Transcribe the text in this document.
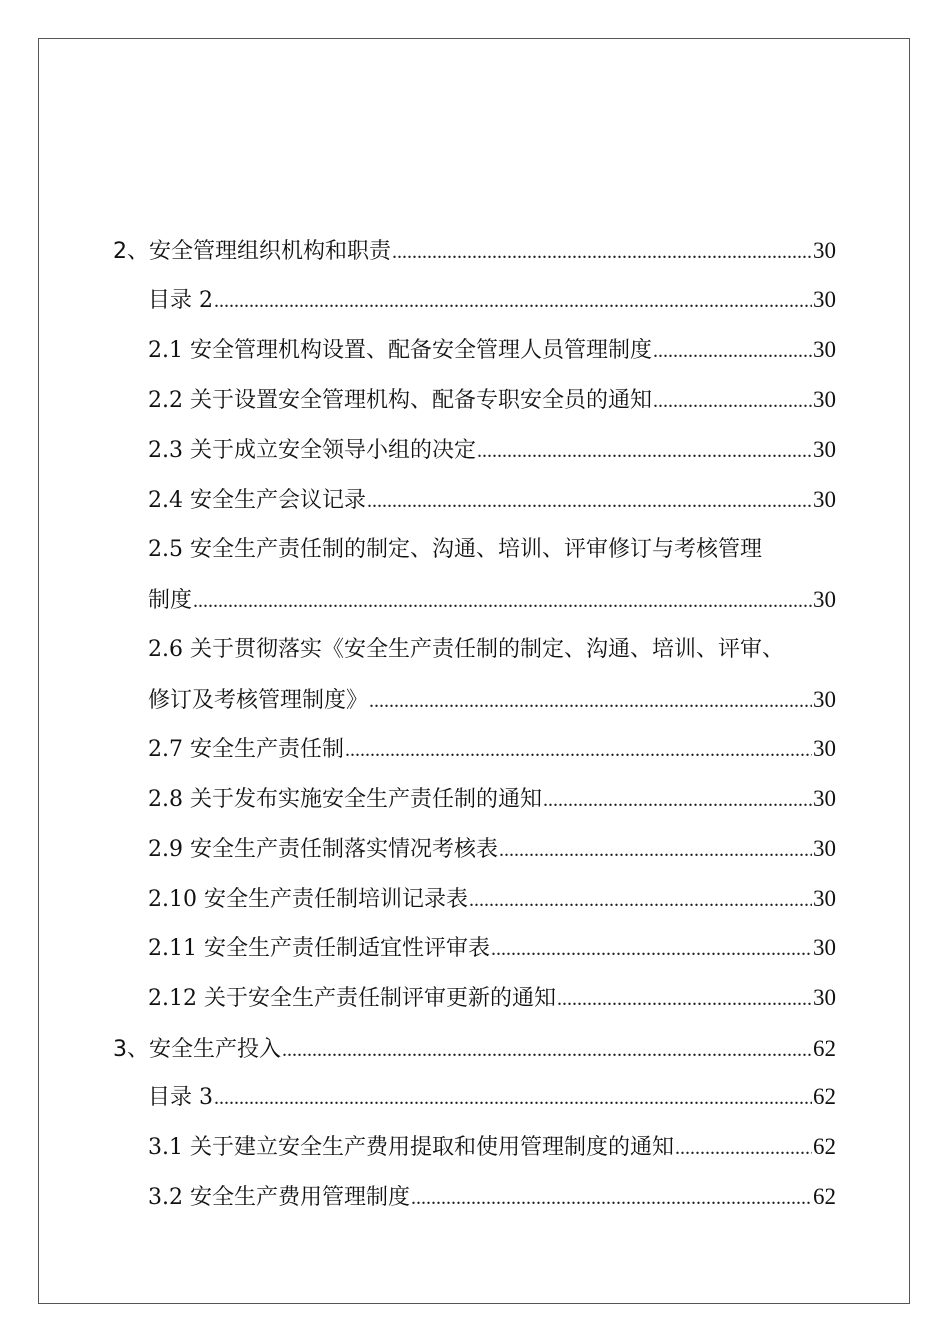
2、安全管理组织机构和职责 .....	30
目录 2 .....	30
2.1 安全管理机构设置、配备安全管理人员管理制度 .....	30
2.2 关于设置安全管理机构、配备专职安全员的通知 .....	30
2.3 关于成立安全领导小组的决定 .....	30
2.4 安全生产会议记录 .....	30
2.5 安全生产责任制的制定、沟通、培训、评审修订与考核管理
制度 .....	30
2.6 关于贯彻落实《安全生产责任制的制定、沟通、培训、评审、
修订及考核管理制度》 .....	30
2.7 安全生产责任制 .....	30
2.8 关于发布实施安全生产责任制的通知 .....	30
2.9 安全生产责任制落实情况考核表 .....	30
2.10 安全生产责任制培训记录表 .....	30
2.11 安全生产责任制适宜性评审表 .....	30
2.12 关于安全生产责任制评审更新的通知 .....	30
3、安全生产投入 .....	62
目录 3 .....	62
3.1 关于建立安全生产费用提取和使用管理制度的通知 .....	62
3.2 安全生产费用管理制度 .....	62
